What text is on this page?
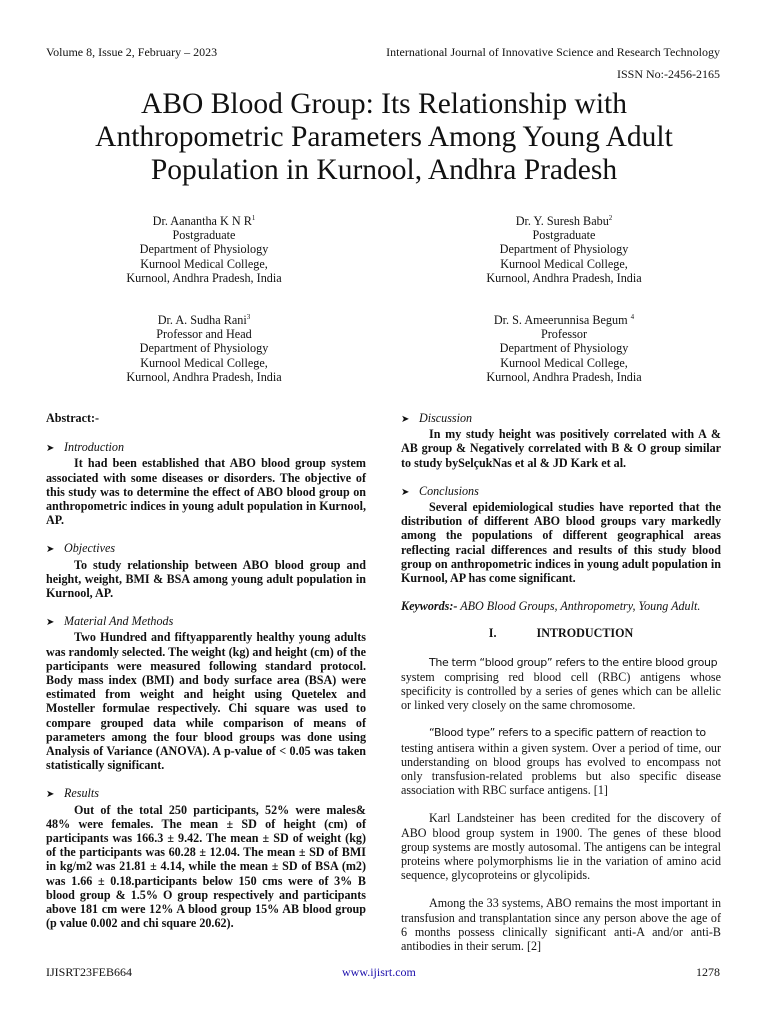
Volume 8, Issue 2, February – 2023	International Journal of Innovative Science and Research Technology
ISSN No:-2456-2165
ABO Blood Group: Its Relationship with
Anthropometric Parameters Among Young Adult
Population in Kurnool, Andhra Pradesh
Dr. Aanantha K N $R^1$
Postgraduate
Department of Physiology
Kurnool Medical College,
Kurnool, Andhra Pradesh, India
Dr. Y. Suresh Babu$^2$
Postgraduate
Department of Physiology
Kurnool Medical College,
Kurnool, Andhra Pradesh, India
Dr. A. Sudha Rani$^3$
Professor and Head
Department of Physiology
Kurnool Medical College,
Kurnool, Andhra Pradesh, India
Dr. S. Ameerunnisa Begum $^4$
Professor
Department of Physiology
Kurnool Medical College,
Kurnool, Andhra Pradesh, India
Abstract:-
➤ Introduction
It had been established that ABO blood group system associated with some diseases or disorders. The objective of this study was to determine the effect of ABO blood group on anthropometric indices in young adult population in Kurnool, AP.
➤ Objectives
To study relationship between ABO blood group and height, weight, BMI & BSA among young adult population in Kurnool, AP.
➤ Material And Methods
Two Hundred and fiftyapparently healthy young adults was randomly selected. The weight (kg) and height (cm) of the participants were measured following standard protocol. Body mass index (BMI) and body surface area (BSA) were estimated from weight and height using Quetelex and Mosteller formulae respectively. Chi square was used to compare grouped data while comparison of means of parameters among the four blood groups was done using Analysis of Variance (ANOVA). A p-value of < 0.05 was taken statistically significant.
➤ Results
Out of the total 250 participants, 52% were males& 48% were females. The mean ± SD of height (cm) of participants was 166.3 ± 9.42. The mean ± SD of weight (kg) of the participants was 60.28 ± 12.04. The mean ± SD of BMI in kg/m2 was 21.81 ± 4.14, while the mean ± SD of BSA (m2) was 1.66 ± 0.18.participants below 150 cms were of 3% B blood group & 1.5% O group respectively and participants above 181 cm were 12% A blood group 15% AB blood group (p value 0.002 and chi square 20.62).
➤ Discussion
In my study height was positively correlated with A & AB group & Negatively correlated with B & O group similar to study bySelçukNas et al & JD Kark et al.
➤ Conclusions
Several epidemiological studies have reported that the distribution of different ABO blood groups vary markedly among the populations of different geographical areas reflecting racial differences and results of this study blood group on anthropometric indices in young adult population in Kurnool, AP has come significant.
Keywords:- ABO Blood Groups, Anthropometry, Young Adult.
I.	INTRODUCTION
The term “blood group” refers to the entire blood group
system comprising red blood cell (RBC) antigens whose specificity is controlled by a series of genes which can be allelic or linked very closely on the same chromosome.
“Blood type” refers to a specific pattern of reaction to
testing antisera within a given system. Over a period of time, our understanding on blood groups has evolved to encompass not only transfusion-related problems but also specific disease association with RBC surface antigens. [1]
Karl Landsteiner has been credited for the discovery of ABO blood group system in 1900. The genes of these blood group systems are mostly autosomal. The antigens can be integral proteins where polymorphisms lie in the variation of amino acid sequence, glycoproteins or glycolipids.
Among the 33 systems, ABO remains the most important in transfusion and transplantation since any person above the age of 6 months possess clinically significant anti-A and/or anti-B antibodies in their serum. [2]
IJISRT23FEB664	www.ijisrt.com	1278
